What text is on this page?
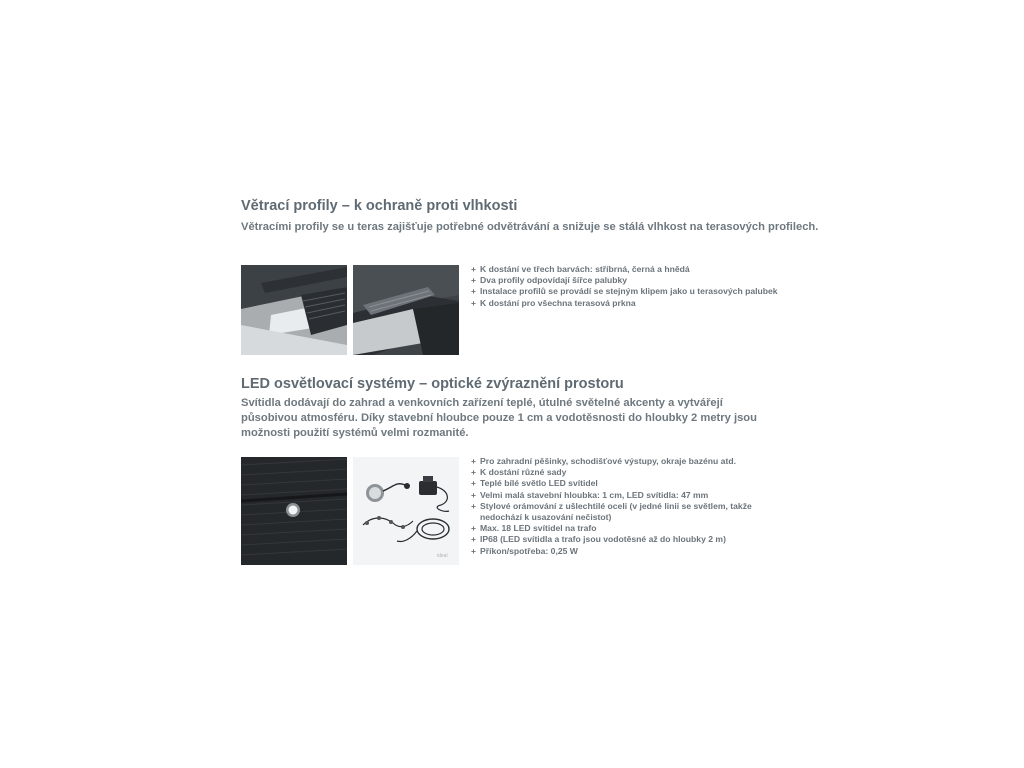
Větrací profily – k ochraně proti vlhkosti

Větracími profily se u teras zajišťuje potřebné odvětrávání a snižuje se stálá vlhkost na terasových profilech.

+ K dostání ve třech barvách: stříbrná, černá a hnědá
+ Dva profily odpovídají šířce palubky
+ Instalace profilů se provádí se stejným klipem jako u terasových palubek
+ K dostání pro všechna terasová prkna
LED osvětlovací systémy – optické zvýraznění prostoru

Svítidla dodávají do zahrad a venkovních zařízení teplé, útulné světelné akcenty a vytvářejí působivou atmosféru. Díky stavební hloubce pouze 1 cm a vodotěsnosti do hloubky 2 metry jsou možnosti použití systémů velmi rozmanité.

ideal
+ Pro zahradní pěšinky, schodišťové výstupy, okraje bazénu atd.
+ K dostání různé sady
+ Teplé bílé světlo LED svítidel
+ Velmi malá stavební hloubka: 1 cm, LED svítidla: 47 mm
+ Stylové orámování z ušlechtilé oceli (v jedné linii se světlem, takže nedochází k usazování nečistot)
+ Max. 18 LED svítidel na trafo
+ IP68 (LED svítidla a trafo jsou vodotěsné až do hloubky 2 m)
+ Příkon/spotřeba: 0,25 W
